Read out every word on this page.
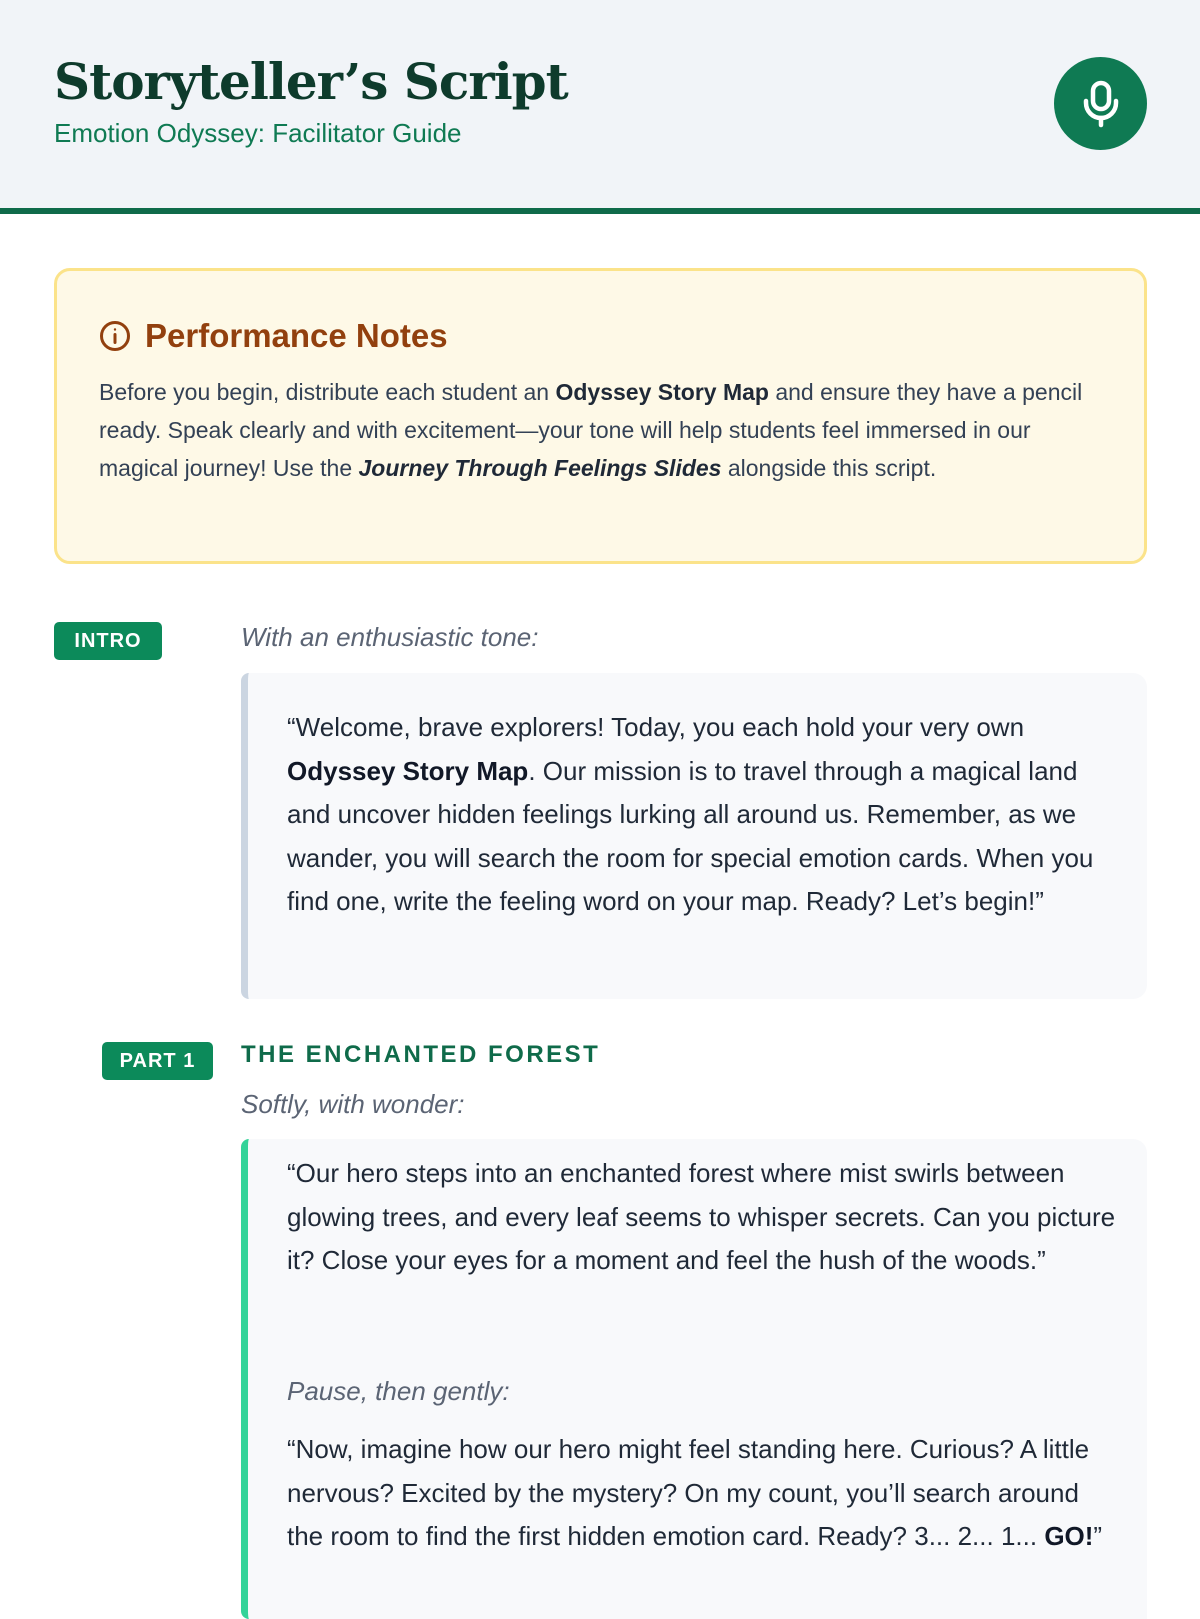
Storyteller’s Script
Emotion Odyssey: Facilitator Guide
Performance Notes

Before you begin, distribute each student an Odyssey Story Map and ensure they have a pencil ready. Speak clearly and with excitement—your tone will help students feel immersed in our magical journey! Use the Journey Through Feelings Slides alongside this script.

INTRO	With an enthusiastic tone:

“Welcome, brave explorers! Today, you each hold your very own Odyssey Story Map. Our mission is to travel through a magical land and uncover hidden feelings lurking all around us. Remember, as we wander, you will search the room for special emotion cards. When you find one, write the feeling word on your map. Ready? Let’s begin!”

PART 1	THE ENCHANTED FOREST
Softly, with wonder:

“Our hero steps into an enchanted forest where mist swirls between glowing trees, and every leaf seems to whisper secrets. Can you picture it? Close your eyes for a moment and feel the hush of the woods.”

Pause, then gently:

“Now, imagine how our hero might feel standing here. Curious? A little nervous? Excited by the mystery? On my count, you’ll search around the room to find the first hidden emotion card. Ready? 3... 2... 1... GO!”
